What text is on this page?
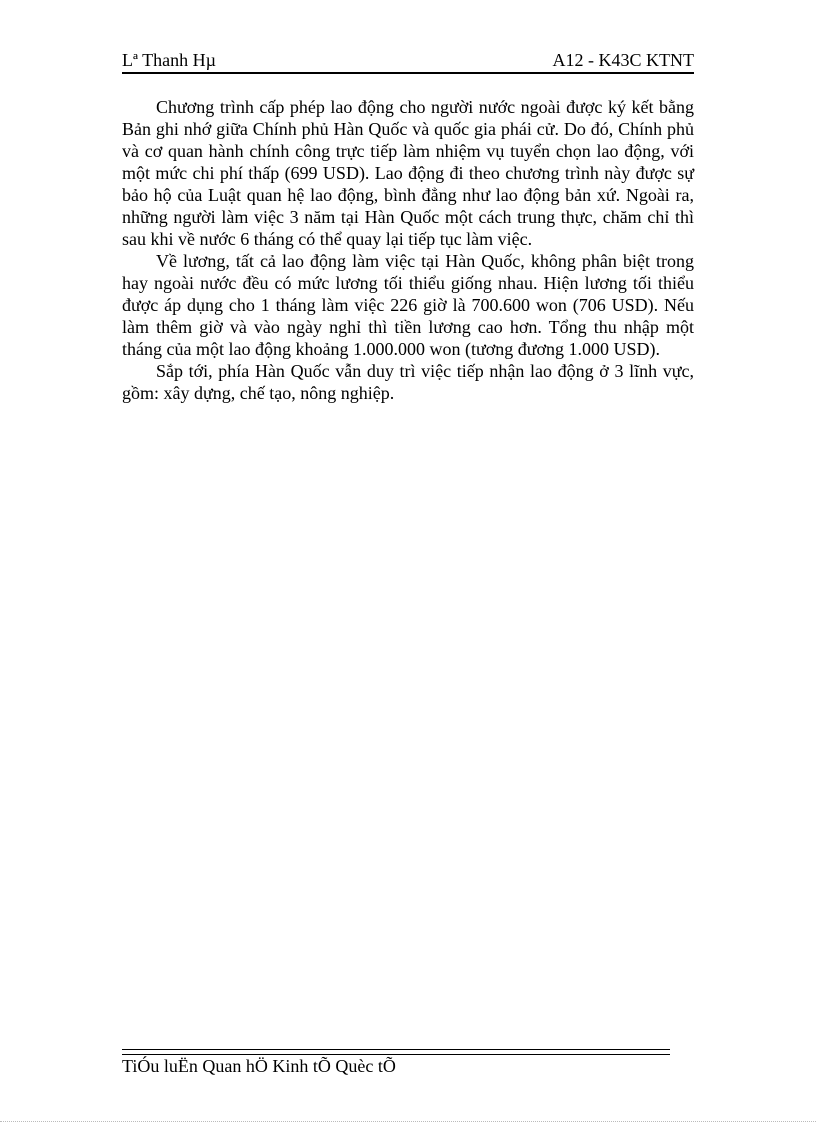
Lª Thanh Hµ	A12 - K43C KTNT

Chương trình cấp phép lao động cho người nước ngoài được ký kết bằng Bản ghi nhớ giữa Chính phủ Hàn Quốc và quốc gia phái cử. Do đó, Chính phủ và cơ quan hành chính công trực tiếp làm nhiệm vụ tuyển chọn lao động, với một mức chi phí thấp (699 USD). Lao động đi theo chương trình này được sự bảo hộ của Luật quan hệ lao động, bình đẳng như lao động bản xứ. Ngoài ra, những người làm việc 3 năm tại Hàn Quốc một cách trung thực, chăm chỉ thì sau khi về nước 6 tháng có thể quay lại tiếp tục làm việc.

Về lương, tất cả lao động làm việc tại Hàn Quốc, không phân biệt trong hay ngoài nước đều có mức lương tối thiểu giống nhau. Hiện lương tối thiểu được áp dụng cho 1 tháng làm việc 226 giờ là 700.600 won (706 USD). Nếu làm thêm giờ và vào ngày nghỉ thì tiền lương cao hơn. Tổng thu nhập một tháng của một lao động khoảng 1.000.000 won (tương đương 1.000 USD).

Sắp tới, phía Hàn Quốc vẫn duy trì việc tiếp nhận lao động ở 3 lĩnh vực, gồm: xây dựng, chế tạo, nông nghiệp.

TiÓu luËn Quan hÖ Kinh tÕ Quèc tÕ
